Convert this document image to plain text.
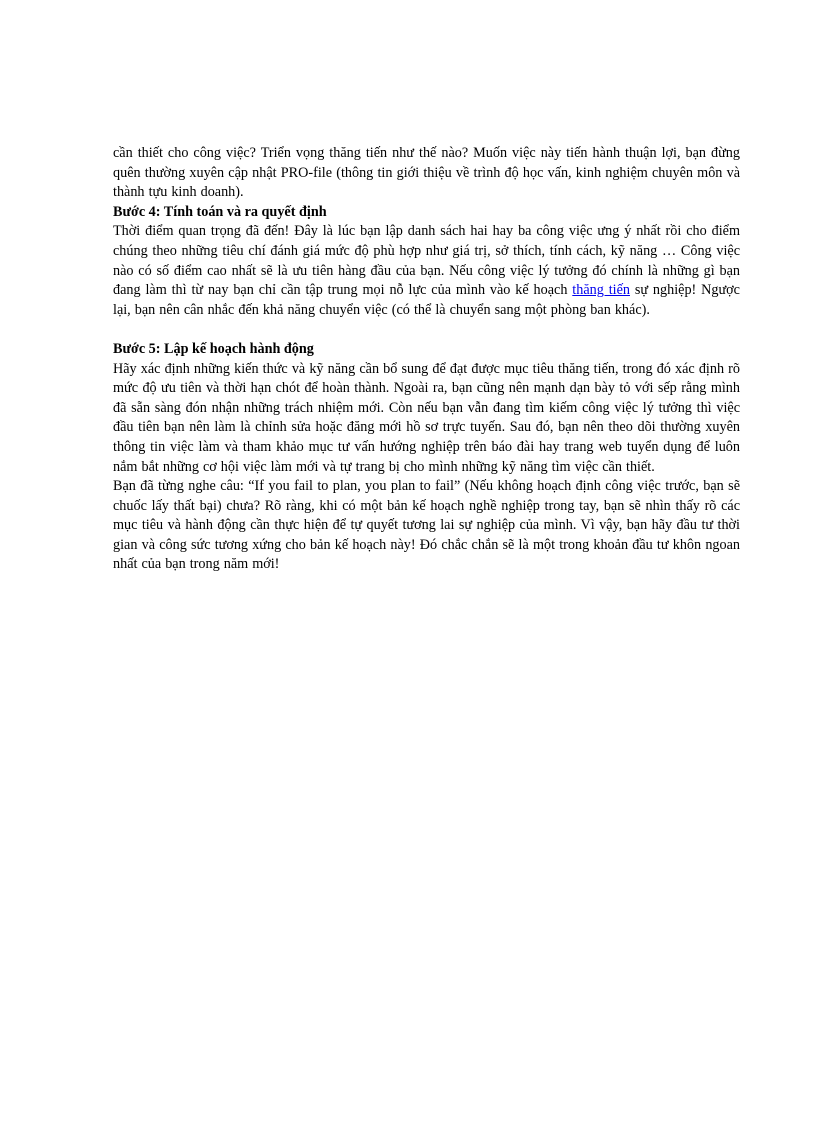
cần thiết cho công việc? Triển vọng thăng tiến như thế nào? Muốn việc này tiến hành thuận lợi, bạn đừng quên thường xuyên cập nhật PRO-file (thông tin giới thiệu về trình độ học vấn, kinh nghiệm chuyên môn và thành tựu kinh doanh).

Bước 4: Tính toán và ra quyết định

Thời điểm quan trọng đã đến! Đây là lúc bạn lập danh sách hai hay ba công việc ưng ý nhất rồi cho điểm chúng theo những tiêu chí đánh giá mức độ phù hợp như giá trị, sở thích, tính cách, kỹ năng … Công việc nào có số điểm cao nhất sẽ là ưu tiên hàng đầu của bạn. Nếu công việc lý tưởng đó chính là những gì bạn đang làm thì từ nay bạn chỉ cần tập trung mọi nỗ lực của mình vào kế hoạch thăng tiến sự nghiệp! Ngược lại, bạn nên cân nhắc đến khả năng chuyển việc (có thể là chuyển sang một phòng ban khác).

Bước 5: Lập kế hoạch hành động

Hãy xác định những kiến thức và kỹ năng cần bổ sung để đạt được mục tiêu thăng tiến, trong đó xác định rõ mức độ ưu tiên và thời hạn chót để hoàn thành. Ngoài ra, bạn cũng nên mạnh dạn bày tỏ với sếp rằng mình đã sẵn sàng đón nhận những trách nhiệm mới. Còn nếu bạn vẫn đang tìm kiếm công việc lý tưởng thì việc đầu tiên bạn nên làm là chỉnh sửa hoặc đăng mới hồ sơ trực tuyến. Sau đó, bạn nên theo dõi thường xuyên thông tin việc làm và tham khảo mục tư vấn hướng nghiệp trên báo đài hay trang web tuyển dụng để luôn nắm bắt những cơ hội việc làm mới và tự trang bị cho mình những kỹ năng tìm việc cần thiết.

Bạn đã từng nghe câu: “If you fail to plan, you plan to fail” (Nếu không hoạch định công việc trước, bạn sẽ chuốc lấy thất bại) chưa? Rõ ràng, khi có một bản kế hoạch nghề nghiệp trong tay, bạn sẽ nhìn thấy rõ các mục tiêu và hành động cần thực hiện để tự quyết tương lai sự nghiệp của mình. Vì vậy, bạn hãy đầu tư thời gian và công sức tương xứng cho bản kế hoạch này! Đó chắc chắn sẽ là một trong khoản đầu tư khôn ngoan nhất của bạn trong năm mới!
